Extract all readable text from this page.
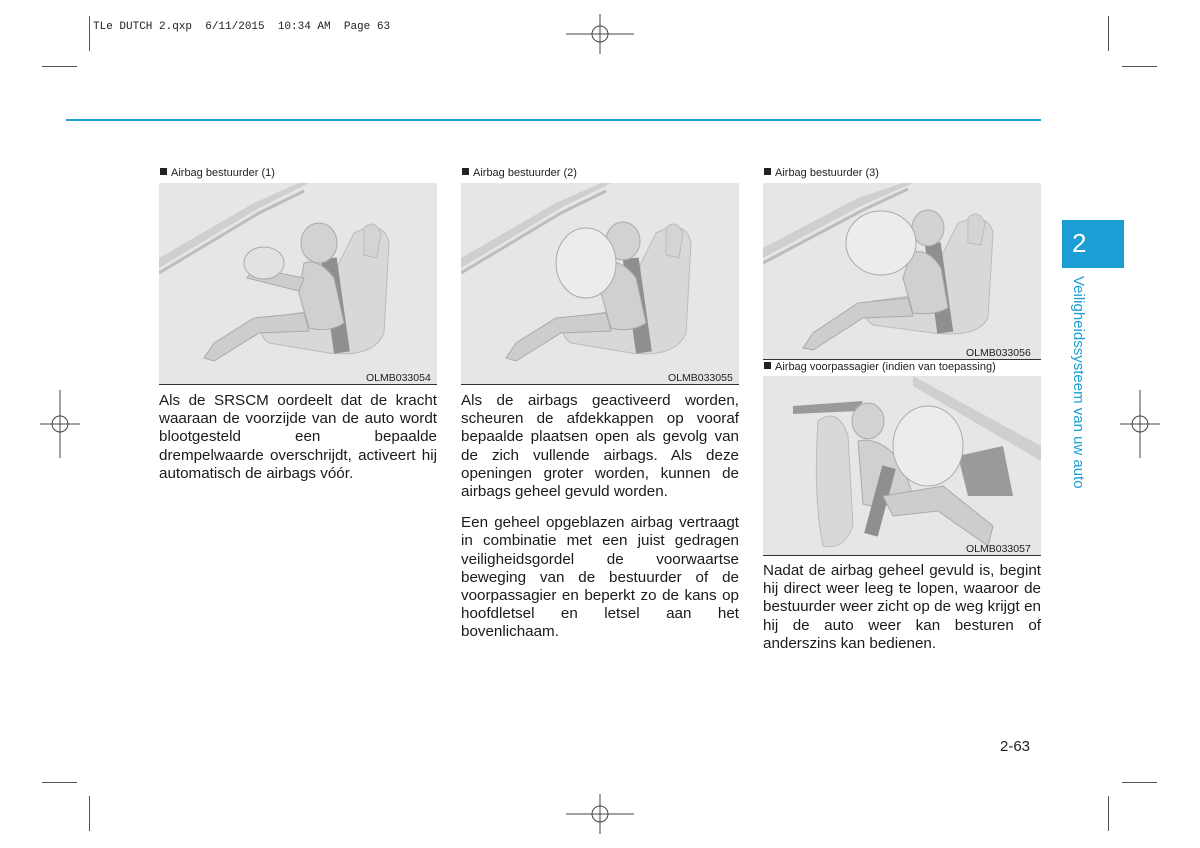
TLe DUTCH 2.qxp  6/11/2015  10:34 AM  Page 63
Airbag bestuurder (1)
OLMB033054
Airbag bestuurder (2)
OLMB033055
Airbag bestuurder (3)
OLMB033056
Airbag voorpassagier (indien van toepassing)
OLMB033057

Als de SRSCM oordeelt dat de kracht waaraan de voorzijde van de auto wordt blootgesteld een bepaalde drempelwaarde overschrijdt, activeert hij automatisch de airbags vóór.

Als de airbags geactiveerd worden, scheuren de afdekkappen op vooraf bepaalde plaatsen open als gevolg van de zich vullende airbags. Als deze openingen groter worden, kunnen de airbags geheel gevuld worden.

Een geheel opgeblazen airbag vertraagt in combinatie met een juist gedragen veiligheidsgordel de voorwaartse beweging van de bestuurder of de voorpassagier en beperkt zo de kans op hoofdletsel en letsel aan het bovenlichaam.

Nadat de airbag geheel gevuld is, begint hij direct weer leeg te lopen, waaroor de bestuurder weer zicht op de weg krijgt en hij de auto weer kan besturen of anderszins kan bedienen.

2
Veiligheidssysteem van uw auto
2-63
